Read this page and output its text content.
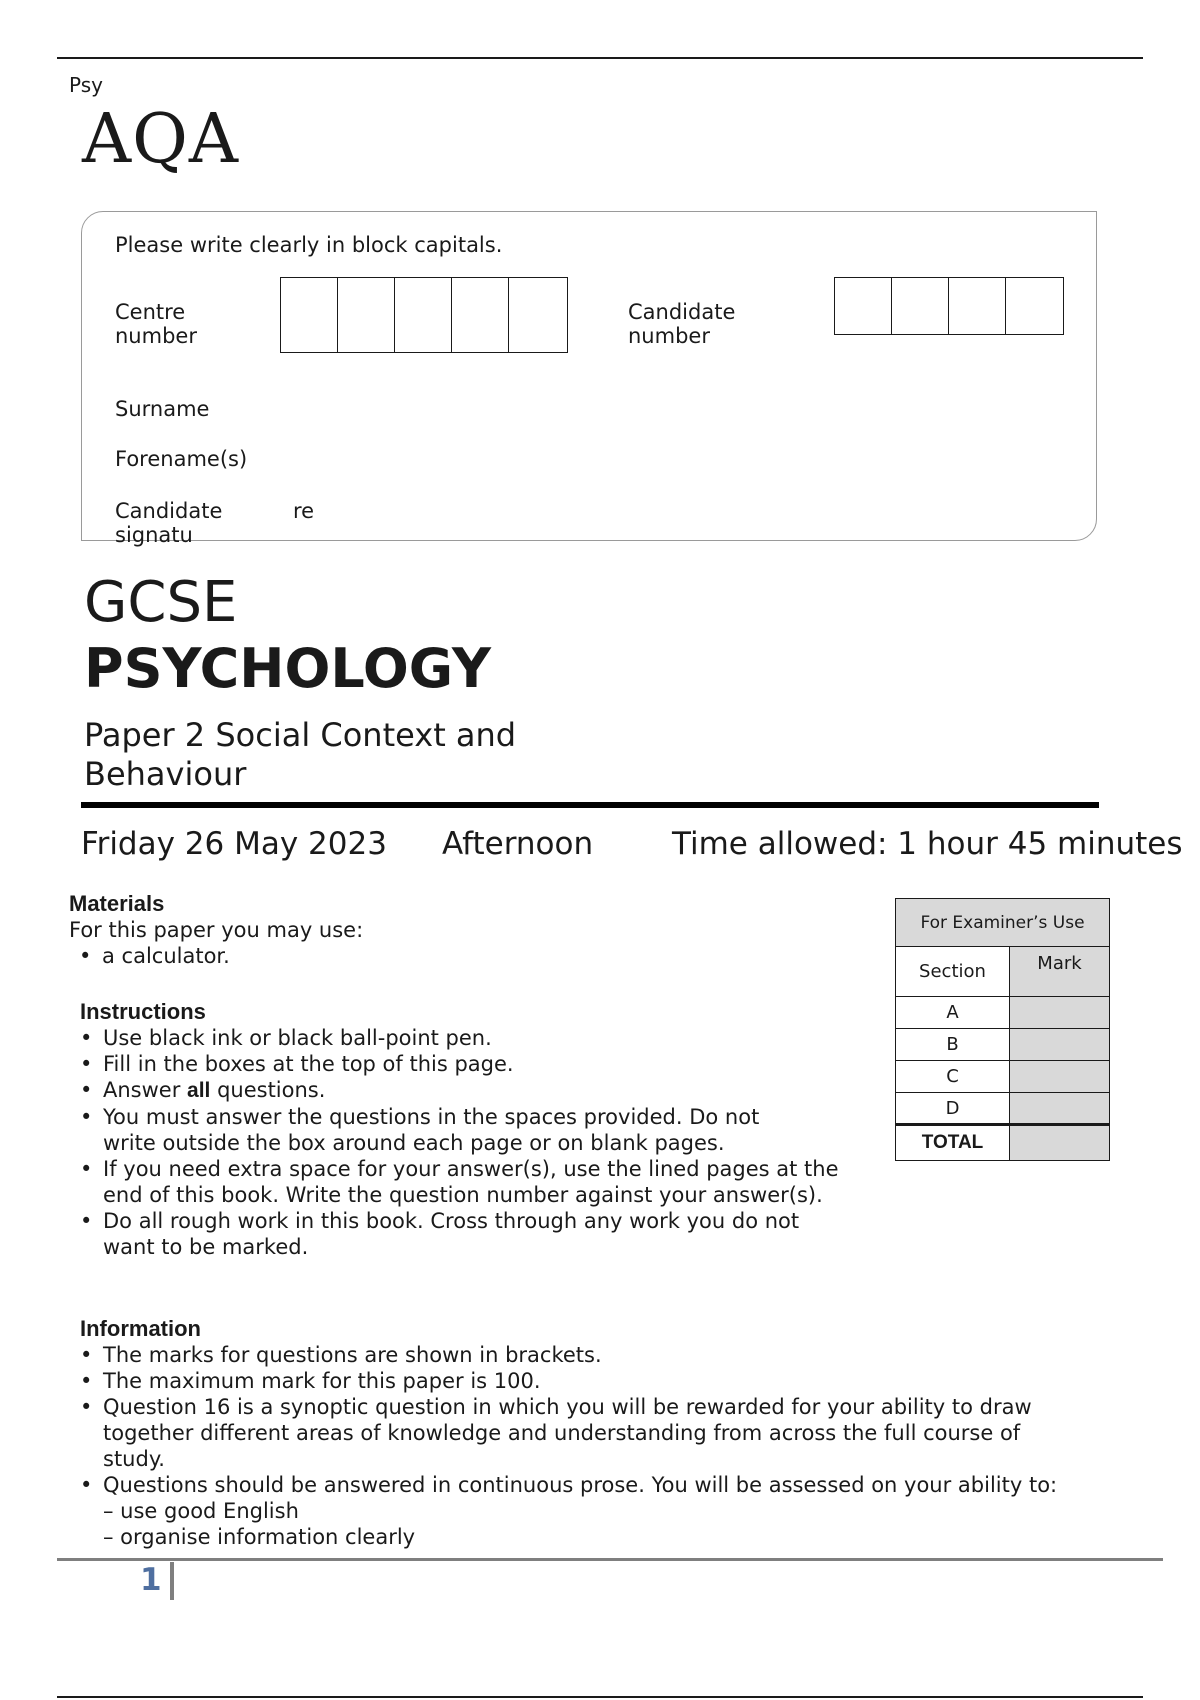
Psy
AQA
Please write clearly in block capitals.
Centre
number
Candidate
number
Surname
Forename(s)
Candidate
signatu
re
GCSE
PSYCHOLOGY
Paper 2 Social Context and
Behaviour
Friday 26 May 2023 Afternoon	Time allowed: 1 hour 45 minutes
Materials
For this paper you may use:
• a calculator.
Instructions
• Use black ink or black ball-point pen.
• Fill in the boxes at the top of this page.
• Answer all questions.
• You must answer the questions in the spaces provided. Do not write outside the box around each page or on blank pages.
• If you need extra space for your answer(s), use the lined pages at the end of this book. Write the question number against your answer(s).
• Do all rough work in this book. Cross through any work you do not want to be marked.
Information
• The marks for questions are shown in brackets.
• The maximum mark for this paper is 100.
• Question 16 is a synoptic question in which you will be rewarded for your ability to draw together different areas of knowledge and understanding from across the full course of study.
• Questions should be answered in continuous prose. You will be assessed on your ability to:
– use good English
– organise information clearly
For Examiner’s Use	
Section	Mark
A	
B	
C	
D	
TOTAL	
1
